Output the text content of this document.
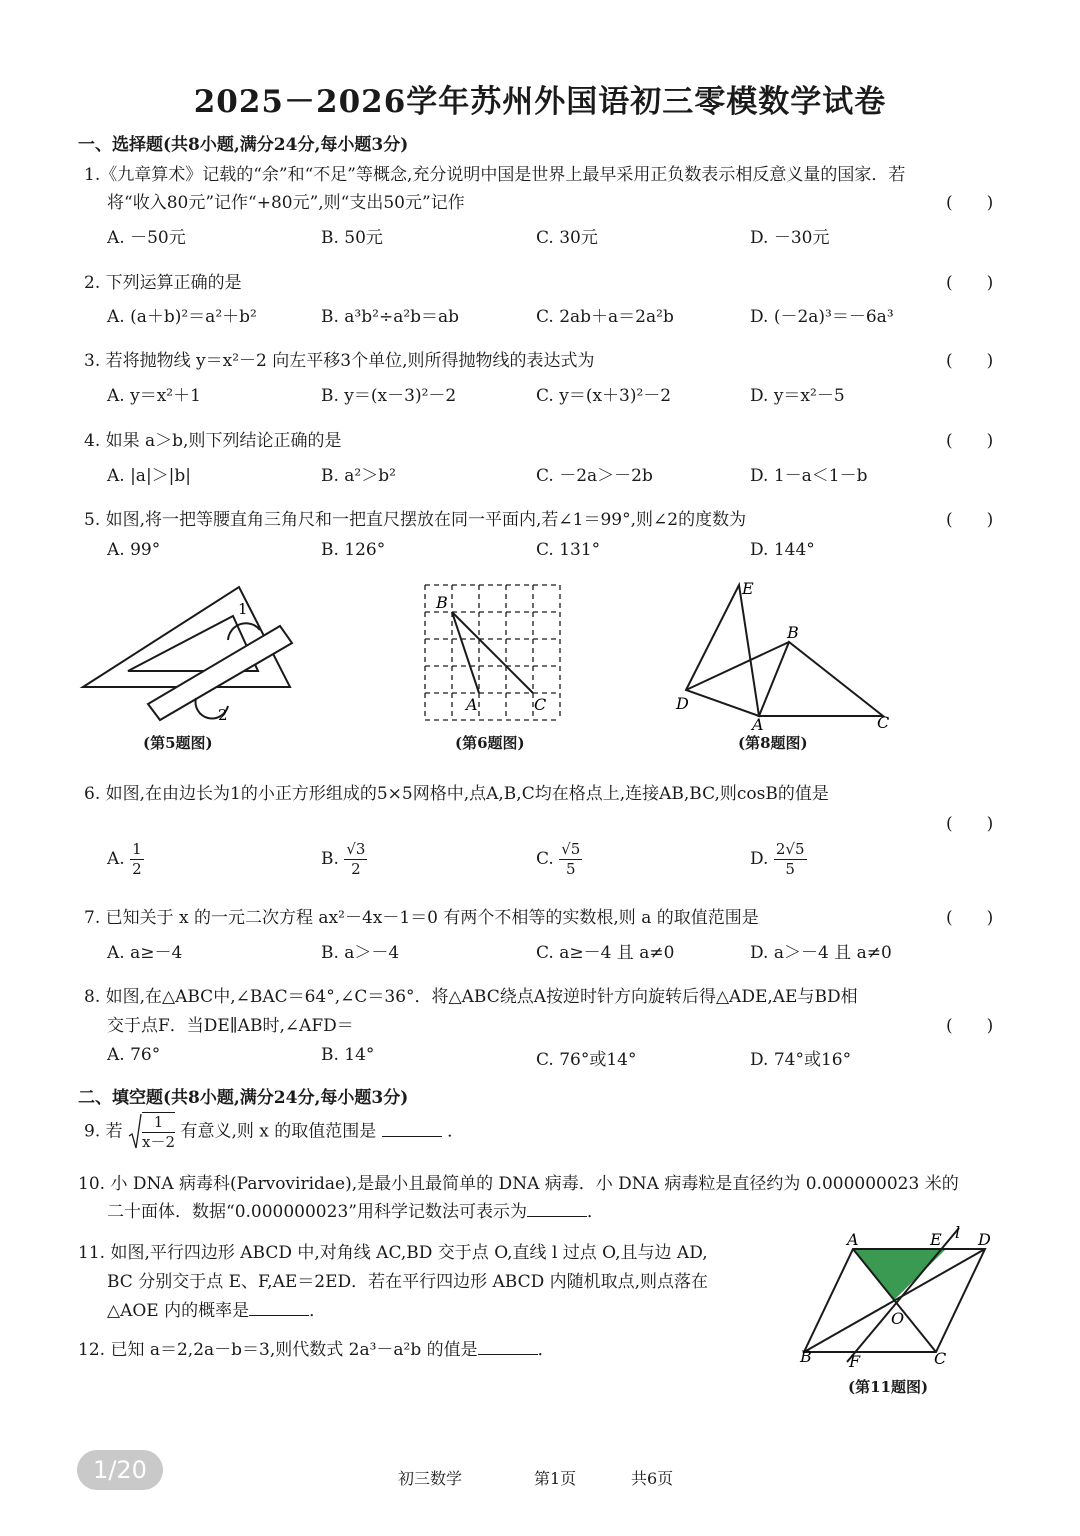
2025－2026学年苏州外国语初三零模数学试卷
一、选择题(共8小题,满分24分,每小题3分)
1.《九章算术》记载的“余”和“不足”等概念,充分说明中国是世界上最早采用正负数表示相反意义量的国家．若
将“收入80元”记作“+80元”,则“支出50元”记作	(　　)
A. －50元	B. 50元	C. 30元	D. －30元
2. 下列运算正确的是	(　　)
A. (a＋b)²＝a²＋b²	B. a³b²÷a²b＝ab	C. 2ab＋a＝2a²b	D. (－2a)³＝－6a³
3. 若将抛物线 y＝x²－2 向左平移3个单位,则所得抛物线的表达式为	(　　)
A. y＝x²＋1	B. y＝(x－3)²－2	C. y＝(x＋3)²－2	D. y＝x²－5
4. 如果 a＞b,则下列结论正确的是	(　　)
A. |a|＞|b|	B. a²＞b²	C. －2a＞－2b	D. 1－a＜1－b
5. 如图,将一把等腰直角三角尺和一把直尺摆放在同一平面内,若∠1＝99°,则∠2的度数为	(　　)
A. 99°	B. 126°	C. 131°	D. 144°
1
2
(第5题图)
B
A	C
(第6题图)
E
B
D
A	C
(第8题图)
6. 如图,在由边长为1的小正方形组成的5×5网格中,点A,B,C均在格点上,连接AB,BC,则cosB的值是
(　　)
A. $\frac{1}{2}$	B. $\frac{√3}{2}$	C. $\frac{√5}{5}$	D. $\frac{2√5}{5}$
7. 已知关于 x 的一元二次方程 ax²－4x－1＝0 有两个不相等的实数根,则 a 的取值范围是	(　　)
A. a≥－4	B. a＞－4	C. a≥－4 且 a≠0	D. a＞－4 且 a≠0
8. 如图,在△ABC中,∠BAC＝64°,∠C＝36°．将△ABC绕点A按逆时针方向旋转后得△ADE,AE与BD相
交于点F．当DE∥AB时,∠AFD＝	(　　)
A. 76°	B. 14°	C. 76°或14°	D. 74°或16°
二、填空题(共8小题,满分24分,每小题3分)
9. 若 $\frac{1}{x-2}$ 有意义,则 x 的取值范围是	．
10. 小 DNA 病毒科(Parvoviridae),是最小且最简单的 DNA 病毒．小 DNA 病毒粒是直径约为 0.000000023 米的
二十面体．数据“0.000000023”用科学记数法可表示为	．
11. 如图,平行四边形 ABCD 中,对角线 AC,BD 交于点 O,直线 l 过点 O,且与边 AD,
BC 分别交于点 E、F,AE＝2ED．若在平行四边形 ABCD 内随机取点,则点落在
△AOE 内的概率是	．
A	E l D
O
B F	C
(第11题图)
12. 已知 a＝2,2a－b＝3,则代数式 2a³－a²b 的值是	．
1/20	初三数学	第1页	共6页
